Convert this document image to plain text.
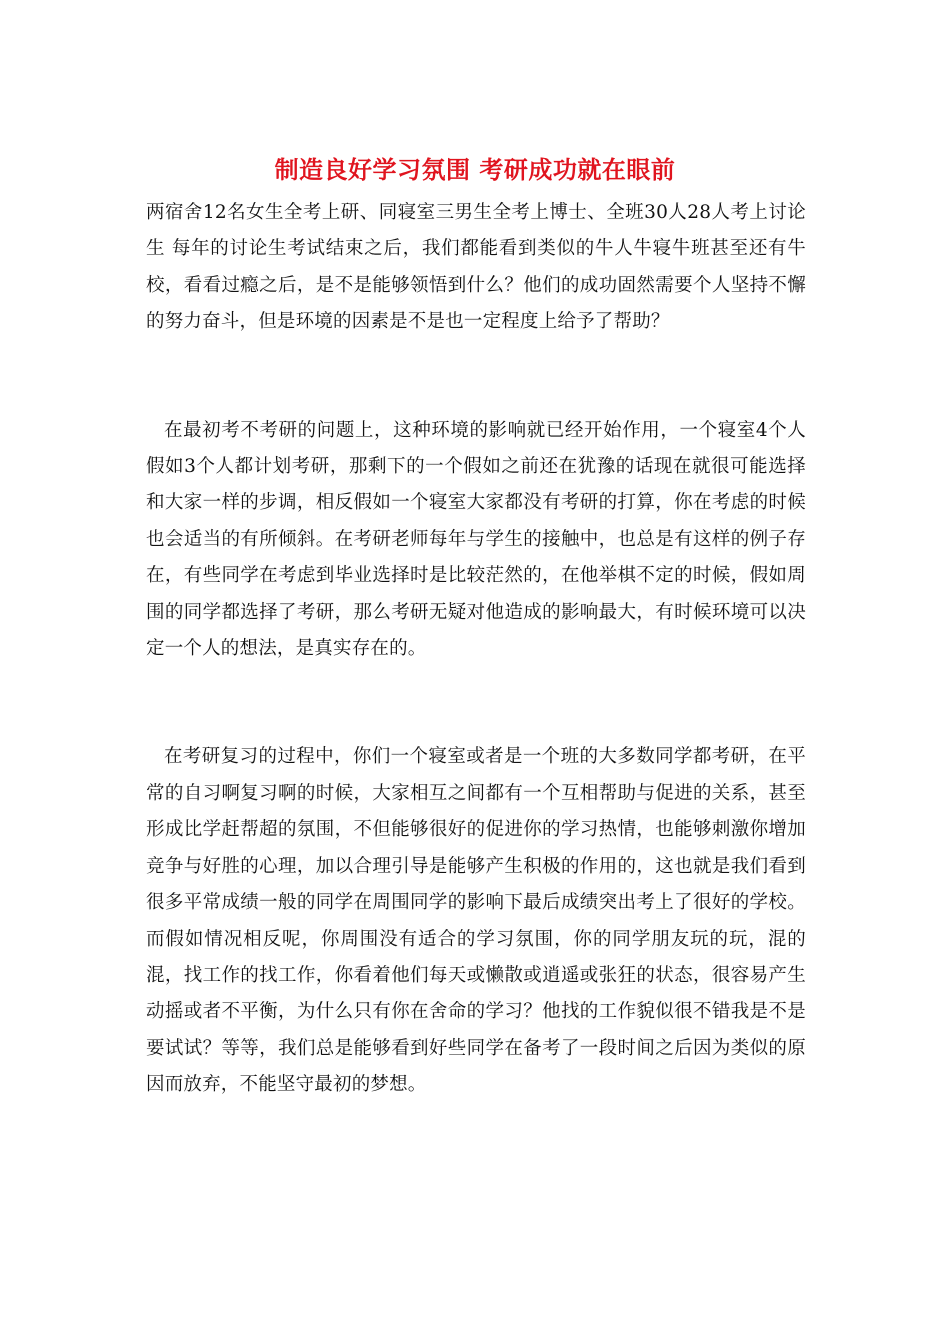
制造良好学习氛围 考研成功就在眼前

两宿舍12名女生全考上研、同寝室三男生全考上博士、全班30人28人考上讨论生 每年的讨论生考试结束之后，我们都能看到类似的牛人牛寝牛班甚至还有牛校，看看过瘾之后，是不是能够领悟到什么？他们的成功固然需要个人坚持不懈的努力奋斗，但是环境的因素是不是也一定程度上给予了帮助？

在最初考不考研的问题上，这种环境的影响就已经开始作用，一个寝室4个人假如3个人都计划考研，那剩下的一个假如之前还在犹豫的话现在就很可能选择和大家一样的步调，相反假如一个寝室大家都没有考研的打算，你在考虑的时候也会适当的有所倾斜。在考研老师每年与学生的接触中，也总是有这样的例子存在，有些同学在考虑到毕业选择时是比较茫然的，在他举棋不定的时候，假如周围的同学都选择了考研，那么考研无疑对他造成的影响最大，有时候环境可以决定一个人的想法，是真实存在的。

在考研复习的过程中，你们一个寝室或者是一个班的大多数同学都考研，在平常的自习啊复习啊的时候，大家相互之间都有一个互相帮助与促进的关系，甚至形成比学赶帮超的氛围，不但能够很好的促进你的学习热情，也能够刺激你增加竞争与好胜的心理，加以合理引导是能够产生积极的作用的，这也就是我们看到很多平常成绩一般的同学在周围同学的影响下最后成绩突出考上了很好的学校。而假如情况相反呢，你周围没有适合的学习氛围，你的同学朋友玩的玩，混的混，找工作的找工作，你看着他们每天或懒散或逍遥或张狂的状态，很容易产生动摇或者不平衡，为什么只有你在舍命的学习？他找的工作貌似很不错我是不是要试试？等等，我们总是能够看到好些同学在备考了一段时间之后因为类似的原因而放弃，不能坚守最初的梦想。
